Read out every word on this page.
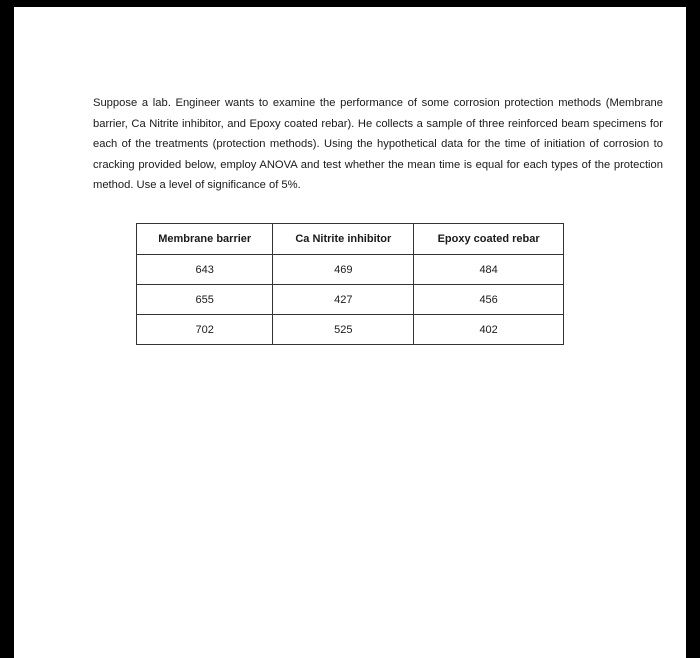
Suppose a lab. Engineer wants to examine the performance of some corrosion protection methods (Membrane barrier, Ca Nitrite inhibitor, and Epoxy coated rebar). He collects a sample of three reinforced beam specimens for each of the treatments (protection methods). Using the hypothetical data for the time of initiation of corrosion to cracking provided below, employ ANOVA and test whether the mean time is equal for each types of the protection method. Use a level of significance of 5%.

Membrane barrier	Ca Nitrite inhibitor	Epoxy coated rebar
643	469	484
655	427	456
702	525	402
